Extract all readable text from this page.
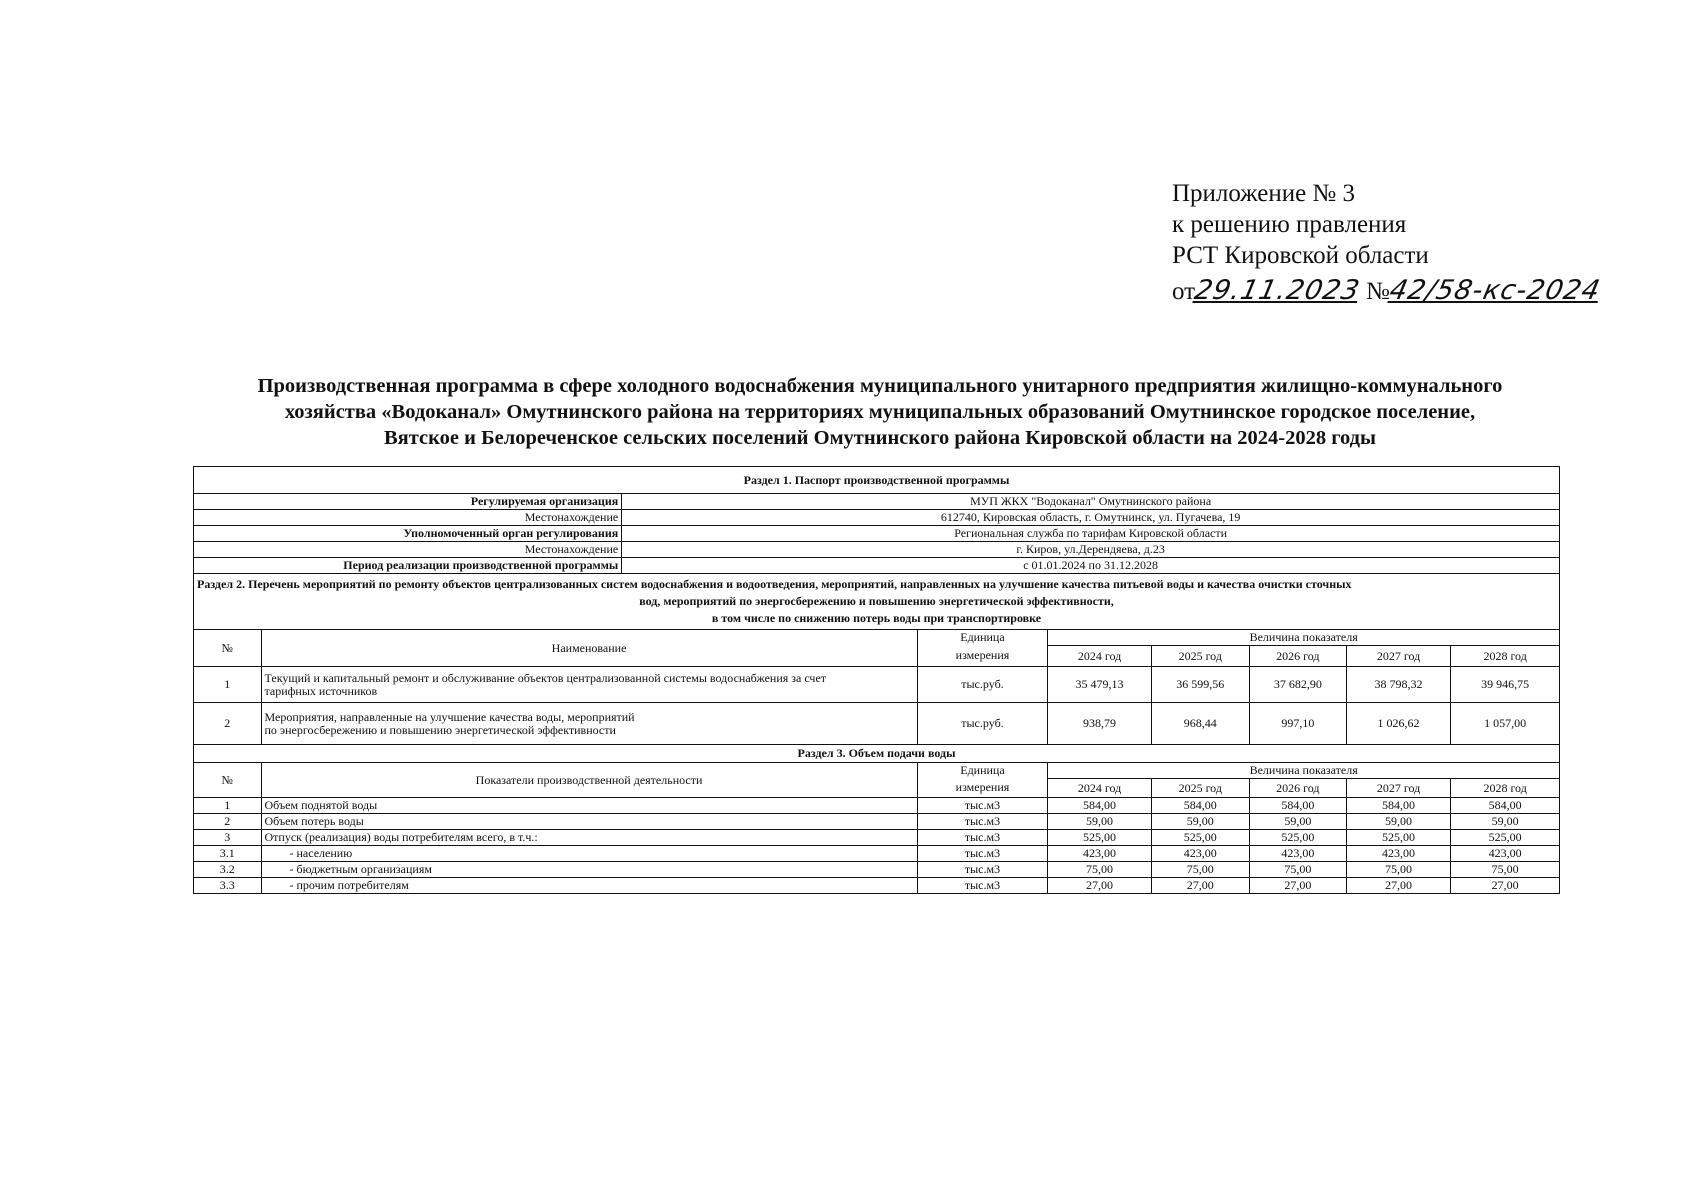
Приложение № 3
к решению правления
РСТ Кировской области
от29.11.2023 №42/58-кс-2024
Производственная программа в сфере холодного водоснабжения муниципального унитарного предприятия жилищно-коммунального
хозяйства «Водоканал» Омутнинского района на территориях муниципальных образований Омутнинское городское поселение,
Вятское и Белореченское сельских поселений Омутнинского района Кировской области на 2024-2028 годы
Раздел 1. Паспорт производственной программы								
Регулируемая организация		МУП ЖКХ "Водоканал" Омутнинского района						
Местонахождение		612740, Кировская область, г. Омутнинск, ул. Пугачева, 19						
Уполномоченный орган регулирования		Региональная служба по тарифам Кировской области						
Местонахождение		г. Киров, ул.Дерендяева, д.23						
Период реализации производственной программы		с 01.01.2024 по 31.12.2028						

Раздел 2. Перечень мероприятий по ремонту объектов централизованных систем водоснабжения и водоотведения, мероприятий, направленных на улучшение качества питьевой воды и качества очистки сточных
вод, мероприятий по энергосбережению и повышению энергетической эффективности,
в том числе по снижению потерь воды при транспортировке								

№	Наименование		Единица	Величина показателя				
			измерения	2024 год	2025 год	2026 год	2027 год	2028 год
1	Текущий и капитальный ремонт и обслуживание объектов централизованной системы водоснабжения за счет
тарифных источников		тыс.руб.	35 479,13	36 599,56	37 682,90	38 798,32	39 946,75
2	Мероприятия, направленные на улучшение качества воды, мероприятий
по энергосбережению и повышению энергетической эффективности		тыс.руб.	938,79	968,44	997,10	1 026,62	1 057,00
Раздел 3. Объем подачи воды								
№	Показатели производственной деятельности		Единица	Величина показателя				
			измерения	2024 год	2025 год	2026 год	2027 год	2028 год
1	Объем поднятой воды		тыс.м3	584,00	584,00	584,00	584,00	584,00
2	Объем потерь воды		тыс.м3	59,00	59,00	59,00	59,00	59,00
3	Отпуск (реализация) воды потребителям всего, в т.ч.:		тыс.м3	525,00	525,00	525,00	525,00	525,00
3.1	- населению		тыс.м3	423,00	423,00	423,00	423,00	423,00
3.2	- бюджетным организациям		тыс.м3	75,00	75,00	75,00	75,00	75,00
3.3	- прочим потребителям		тыс.м3	27,00	27,00	27,00	27,00	27,00
